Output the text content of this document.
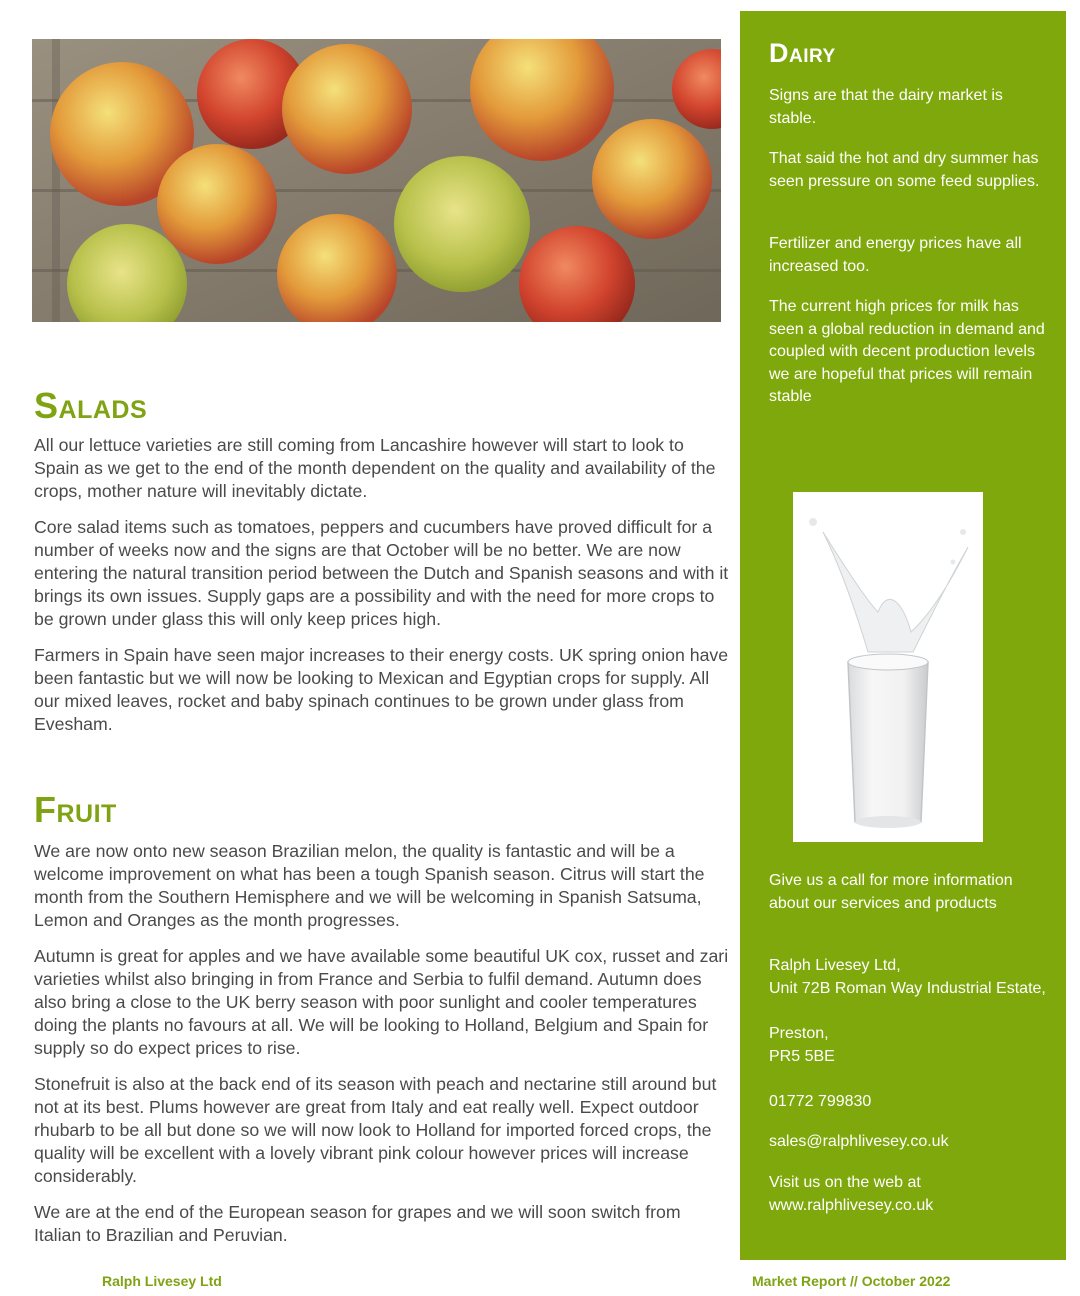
Salads

All our lettuce varieties are still coming from Lancashire however will start to look to Spain as we get to the end of the month dependent on the quality and availability of the crops, mother nature will inevitably dictate.

Core salad items such as tomatoes, peppers and cucumbers have proved difficult for a number of weeks now and the signs are that October will be no better. We are now entering the natural transition period between the Dutch and Spanish seasons and with it brings its own issues. Supply gaps are a possibility and with the need for more crops to be grown under glass this will only keep prices high.

Farmers in Spain have seen major increases to their energy costs. UK spring onion have been fantastic but we will now be looking to Mexican and Egyptian crops for supply. All our mixed leaves, rocket and baby spinach continues to be grown under glass from Evesham.

Fruit

We are now onto new season Brazilian melon, the quality is fantastic and will be a welcome improvement on what has been a tough Spanish season. Citrus will start the month from the Southern Hemisphere and we will be welcoming in Spanish Satsuma, Lemon and Oranges as the month progresses.

Autumn is great for apples and we have available some beautiful UK cox, russet and zari varieties whilst also bringing in from France and Serbia to fulfil demand. Autumn does also bring a close to the UK berry season with poor sunlight and cooler temperatures doing the plants no favours at all. We will be looking to Holland, Belgium and Spain for supply so do expect prices to rise.

Stonefruit is also at the back end of its season with peach and nectarine still around but not at its best. Plums however are great from Italy and eat really well. Expect outdoor rhubarb to be all but done so we will now look to Holland for imported forced crops, the quality will be excellent with a lovely vibrant pink colour however prices will increase considerably.

We are at the end of the European season for grapes and we will soon switch from Italian to Brazilian and Peruvian.

Dairy
Signs are that the dairy market is stable.
That said the hot and dry summer has seen pressure on some feed supplies.
Fertilizer and energy prices have all increased too.
The current high prices for milk has seen a global reduction in demand and coupled with decent production levels we are hopeful that prices will remain stable
Give us a call for more information about our services and products
Ralph Livesey Ltd,
Unit 72B Roman Way Industrial Estate,
Preston,
PR5 5BE
01772 799830
sales@ralphlivesey.co.uk
Visit us on the web at
www.ralphlivesey.co.uk
Ralph Livesey Ltd	Market Report // October 2022
